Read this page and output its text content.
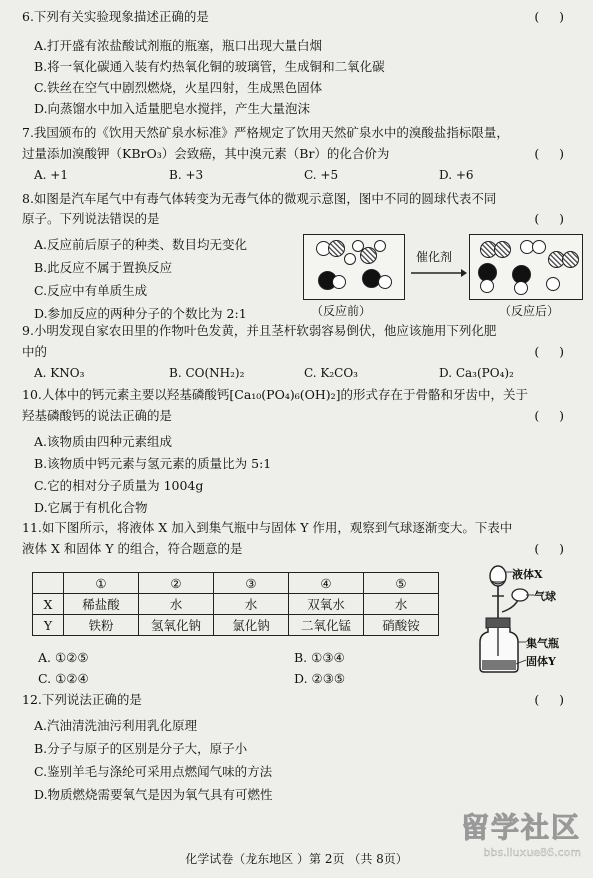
6.下列有关实验现象描述正确的是	(     )
A.打开盛有浓盐酸试剂瓶的瓶塞，瓶口出现大量白烟
B.将一氧化碳通入装有灼热氧化铜的玻璃管，生成铜和二氧化碳
C.铁丝在空气中剧烈燃烧，火星四射，生成黑色固体
D.向蒸馏水中加入适量肥皂水搅拌，产生大量泡沫
7.我国颁布的《饮用天然矿泉水标准》严格规定了饮用天然矿泉水中的溴酸盐指标限量，
过量添加溴酸钾（KBrO₃）会致癌，其中溴元素（Br）的化合价为	(     )
A. +1	B. +3	C. +5	D. +6
8.如图是汽车尾气中有毒气体转变为无毒气体的微观示意图，图中不同的圆球代表不同
原子。下列说法错误的是	(     )
A.反应前后原子的种类、数目均无变化
B.此反应不属于置换反应
C.反应中有单质生成
D.参加反应的两种分子的个数比为 2:1	（反应前）
催化剂
（反应后）
9.小明发现自家农田里的作物叶色发黄，并且茎杆软弱容易倒伏，他应该施用下列化肥
中的	(     )
A. KNO₃	B. CO(NH₂)₂	C. K₂CO₃	D. Ca₃(PO₄)₂
10.人体中的钙元素主要以羟基磷酸钙[Ca₁₀(PO₄)₆(OH)₂]的形式存在于骨骼和牙齿中，关于
羟基磷酸钙的说法正确的是	(     )
A.该物质由四种元素组成
B.该物质中钙元素与氢元素的质量比为 5:1
C.它的相对分子质量为 1004g
D.它属于有机化合物
11.如下图所示，将液体 X 加入到集气瓶中与固体 Y 作用，观察到气球逐渐变大。下表中
液体 X 和固体 Y 的组合，符合题意的是	(     )
	①	②	③	④	⑤
X	稀盐酸	水	水	双氧水	水
Y	铁粉	氢氧化钠	氯化钠	二氧化锰	硝酸铵
A. ①②⑤	B. ①③④
C. ①②④	D. ②③⑤
液体X
气球
集气瓶
固体Y
12.下列说法正确的是	(     )
A.汽油清洗油污利用乳化原理
B.分子与原子的区别是分子大，原子小
C.鉴别羊毛与涤纶可采用点燃闻气味的方法
D.物质燃烧需要氧气是因为氧气具有可燃性
化学试卷（龙东地区 ）第 2页 （共 8页）
留学社区
bbs.liuxue86.com
